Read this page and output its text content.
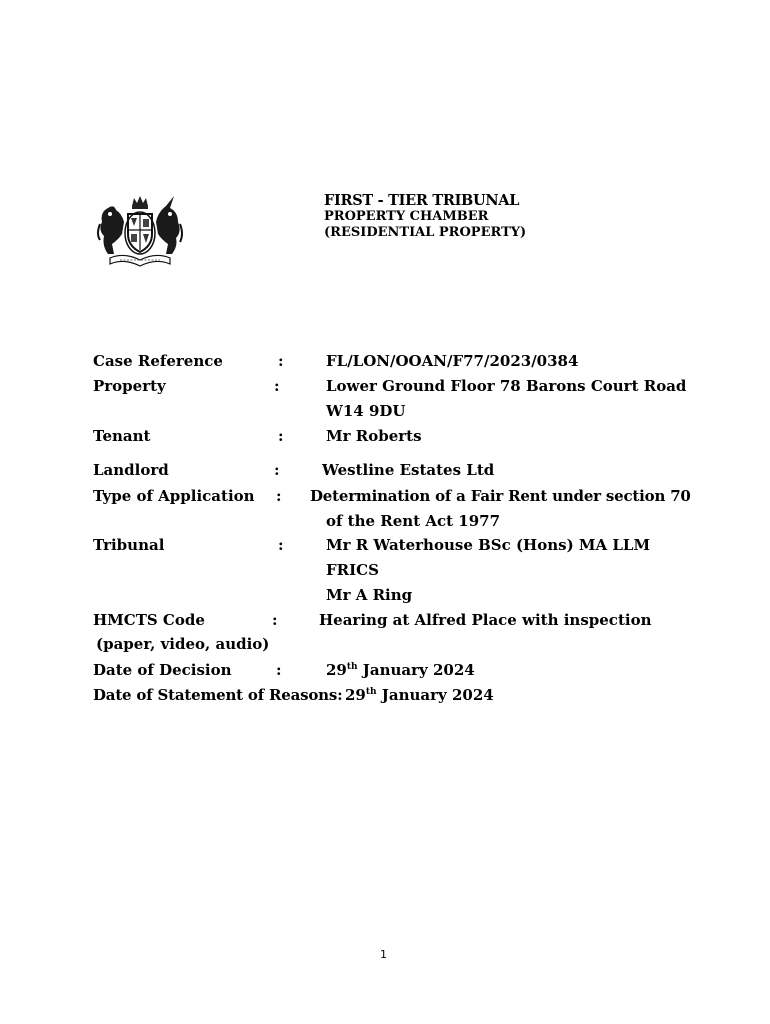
FIRST - TIER TRIBUNAL
PROPERTY CHAMBER
(RESIDENTIAL PROPERTY)
Case Reference	:	FL/LON/OOAN/F77/2023/0384
Property	:	Lower Ground Floor 78 Barons Court Road
W14 9DU
Tenant	:	Mr Roberts
Landlord	:	Westline Estates Ltd
Type of Application : Determination of a Fair Rent under section 70
of the Rent Act 1977
Tribunal	:	Mr R Waterhouse BSc (Hons) MA LLM
FRICS
Mr A Ring
HMCTS Code	:	Hearing at Alfred Place with inspection
(paper, video, audio)
Date of Decision	:	29th January 2024
Date of Statement of Reasons: 29th January 2024
1
